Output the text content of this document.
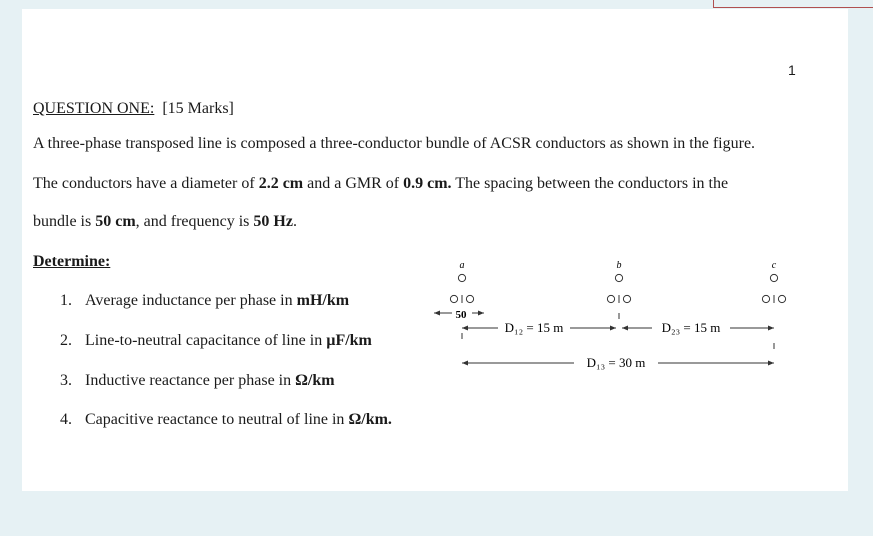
1
QUESTION ONE: [15 Marks]
A three-phase transposed line is composed a three-conductor bundle of ACSR conductors as shown in the figure.
The conductors have a diameter of 2.2 cm and a GMR of 0.9 cm. The spacing between the conductors in the
bundle is 50 cm, and frequency is 50 Hz.
Determine:
1. Average inductance per phase in mH/km
2. Line-to-neutral capacitance of line in µF/km
3. Inductive reactance per phase in Ω/km
4. Capacitive reactance to neutral of line in Ω/km.
a	b	c
50
D₁₂ = 15 m	D₂₃ = 15 m
D₁₃ = 30 m
